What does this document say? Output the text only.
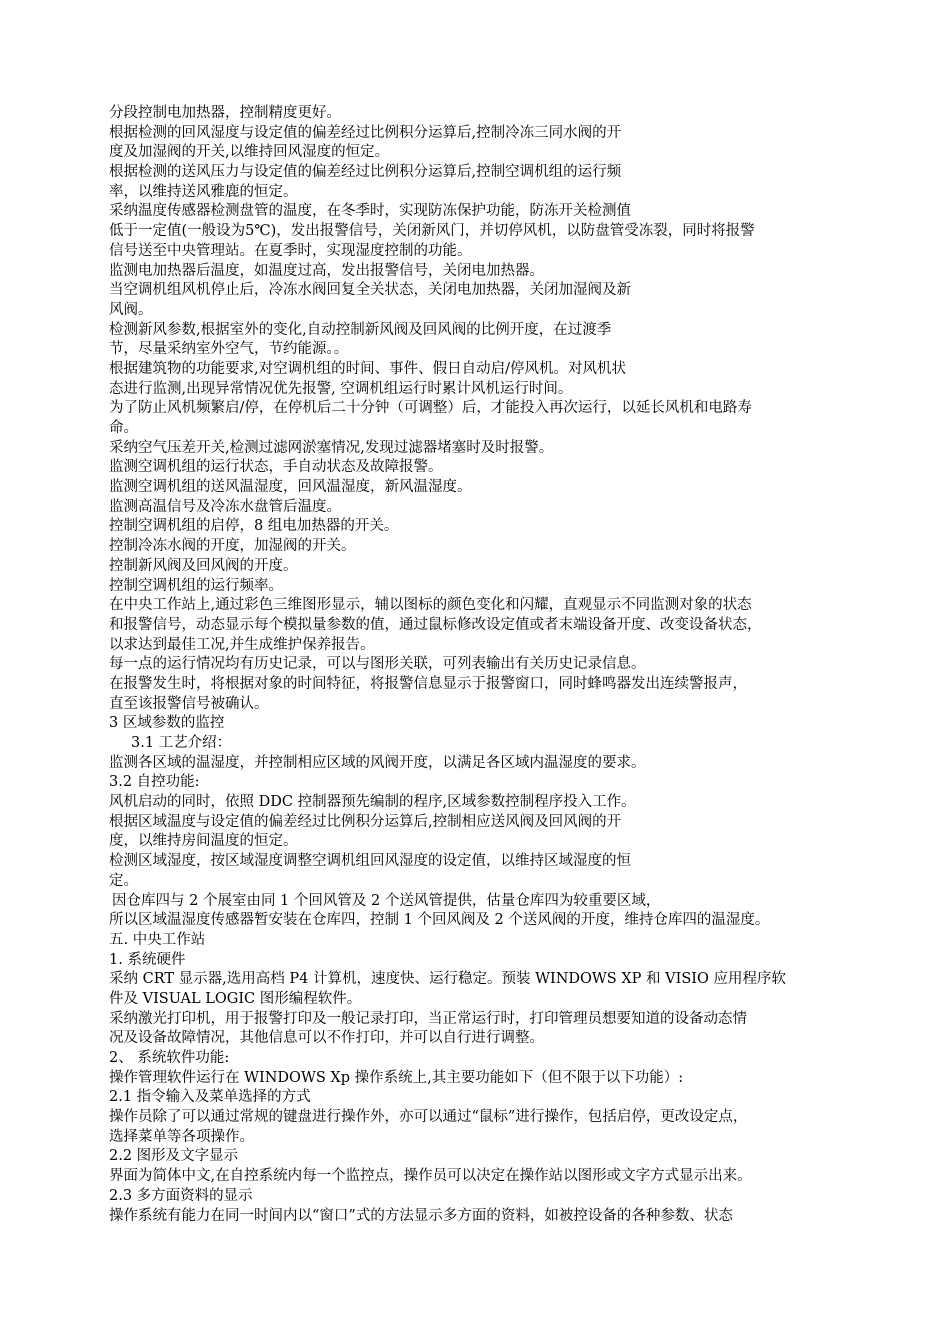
分段控制电加热器，控制精度更好。
根据检测的回风湿度与设定值的偏差经过比例积分运算后,控制冷冻三同水阀的开
度及加湿阀的开关,以维持回风湿度的恒定。
根据检测的送风压力与设定值的偏差经过比例积分运算后,控制空调机组的运行频
率，以维持送风雅鹿的恒定。
采纳温度传感器检测盘管的温度，在冬季时，实现防冻保护功能，防冻开关检测值
低于一定值(一般设为5℃)，发出报警信号，关闭新风门，并切停风机，以防盘管受冻裂，同时将报警
信号送至中央管理站。在夏季时，实现湿度控制的功能。
监测电加热器后温度，如温度过高，发出报警信号，关闭电加热器。
当空调机组风机停止后，冷冻水阀回复全关状态，关闭电加热器，关闭加湿阀及新
风阀。
检测新风参数,根据室外的变化,自动控制新风阀及回风阀的比例开度，在过渡季
节，尽量采纳室外空气，节约能源。。
根据建筑物的功能要求,对空调机组的时间、事件、假日自动启/停风机。对风机状
态进行监测,出现异常情况优先报警, 空调机组运行时累计风机运行时间。
为了防止风机频繁启/停，在停机后二十分钟（可调整）后，才能投入再次运行，以延长风机和电路寿
命。
采纳空气压差开关,检测过滤网淤塞情况,发现过滤器堵塞时及时报警。
监测空调机组的运行状态，手自动状态及故障报警。
监测空调机组的送风温湿度，回风温湿度，新风温湿度。
监测高温信号及冷冻水盘管后温度。
控制空调机组的启停，8 组电加热器的开关。
控制冷冻水阀的开度，加湿阀的开关。
控制新风阀及回风阀的开度。
控制空调机组的运行频率。
在中央工作站上,通过彩色三维图形显示，辅以图标的颜色变化和闪耀，直观显示不同监测对象的状态
和报警信号，动态显示每个模拟量参数的值，通过鼠标修改设定值或者末端设备开度、改变设备状态，
以求达到最佳工况,并生成维护保养报告。
每一点的运行情况均有历史记录，可以与图形关联，可列表输出有关历史记录信息。
在报警发生时，将根据对象的时间特征，将报警信息显示于报警窗口，同时蜂鸣器发出连续警报声，
直至该报警信号被确认。
3 区域参数的监控
3.1 工艺介绍：
监测各区域的温湿度，并控制相应区域的风阀开度，以满足各区域内温湿度的要求。
3.2 自控功能:
风机启动的同时，依照 DDC 控制器预先编制的程序,区域参数控制程序投入工作。
根据区域温度与设定值的偏差经过比例积分运算后,控制相应送风阀及回风阀的开
度，以维持房间温度的恒定。
检测区域湿度，按区域湿度调整空调机组回风湿度的设定值，以维持区域湿度的恒
定。
因仓库四与 2 个展室由同 1 个回风管及 2 个送风管提供，估量仓库四为较重要区域，
所以区域温湿度传感器暂安装在仓库四，控制 1 个回风阀及 2 个送风阀的开度，维持仓库四的温湿度。
五. 中央工作站
1. 系统硬件
采纳 CRT 显示器,选用高档 P4 计算机，速度快、运行稳定。预装 WINDOWS XP 和 VISIO 应用程序软
件及 VISUAL LOGIC 图形编程软件。
采纳激光打印机，用于报警打印及一般记录打印，当正常运行时，打印管理员想要知道的设备动态情
况及设备故障情况，其他信息可以不作打印，并可以自行进行调整。
2、 系统软件功能:
操作管理软件运行在 WINDOWS Xp 操作系统上,其主要功能如下（但不限于以下功能）:
2.1 指令输入及菜单选择的方式
操作员除了可以通过常规的键盘进行操作外，亦可以通过“鼠标”进行操作，包括启停，更改设定点，
选择菜单等各项操作。
2.2 图形及文字显示
界面为简体中文,在自控系统内每一个监控点，操作员可以决定在操作站以图形或文字方式显示出来。
2.3 多方面资料的显示
操作系统有能力在同一时间内以“窗口”式的方法显示多方面的资料，如被控设备的各种参数、状态
